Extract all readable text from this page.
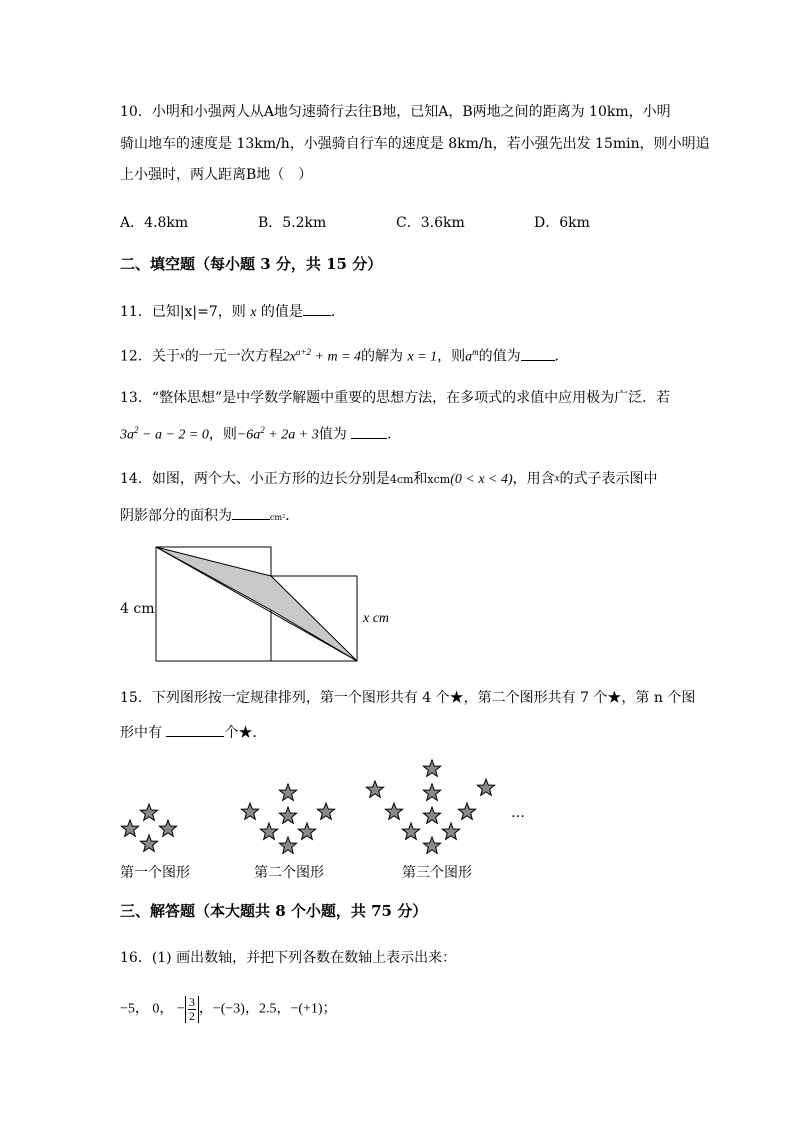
10．小明和小强两人从A地匀速骑行去往B地，已知A，B两地之间的距离为 10km，小明
骑山地车的速度是 13km/h，小强骑自行车的速度是 8km/h，若小强先出发 15min，则小明追
上小强时，两人距离B地（　）
A．4.8km	B．5.2km	C．3.6km	D．6km
二、填空题（每小题 3 分，共 15 分）
11．已知|x|=7，则 x 的值是 ．
12．关于x的一元一次方程$2x^{a+2} + m = 4$的解为 x = 1，则$a^m$的值为 ．
13．“整体思想”是中学数学解题中重要的思想方法，在多项式的求值中应用极为广泛．若
$3a^2 - a - 2 = 0$，则$-6a^2 + 2a + 3$值为	．
14．如图，两个大、小正方形的边长分别是4cm和xcm(0 < x < 4)，用含x的式子表示图中
阴影部分的面积为	cm²．
4 cm
x cm
15．下列图形按一定规律排列，第一个图形共有 4 个★，第二个图形共有 7 个★，第 n 个图
形中有	个★．
…
第一个图形	第二个图形	第三个图形
三、解答题（本大题共 8 个小题，共 75 分）
16．(1) 画出数轴，并把下列各数在数轴上表示出来：
−5， 0， − $\frac{3}{2}$ ，−(−3)，2.5，−(+1)；
